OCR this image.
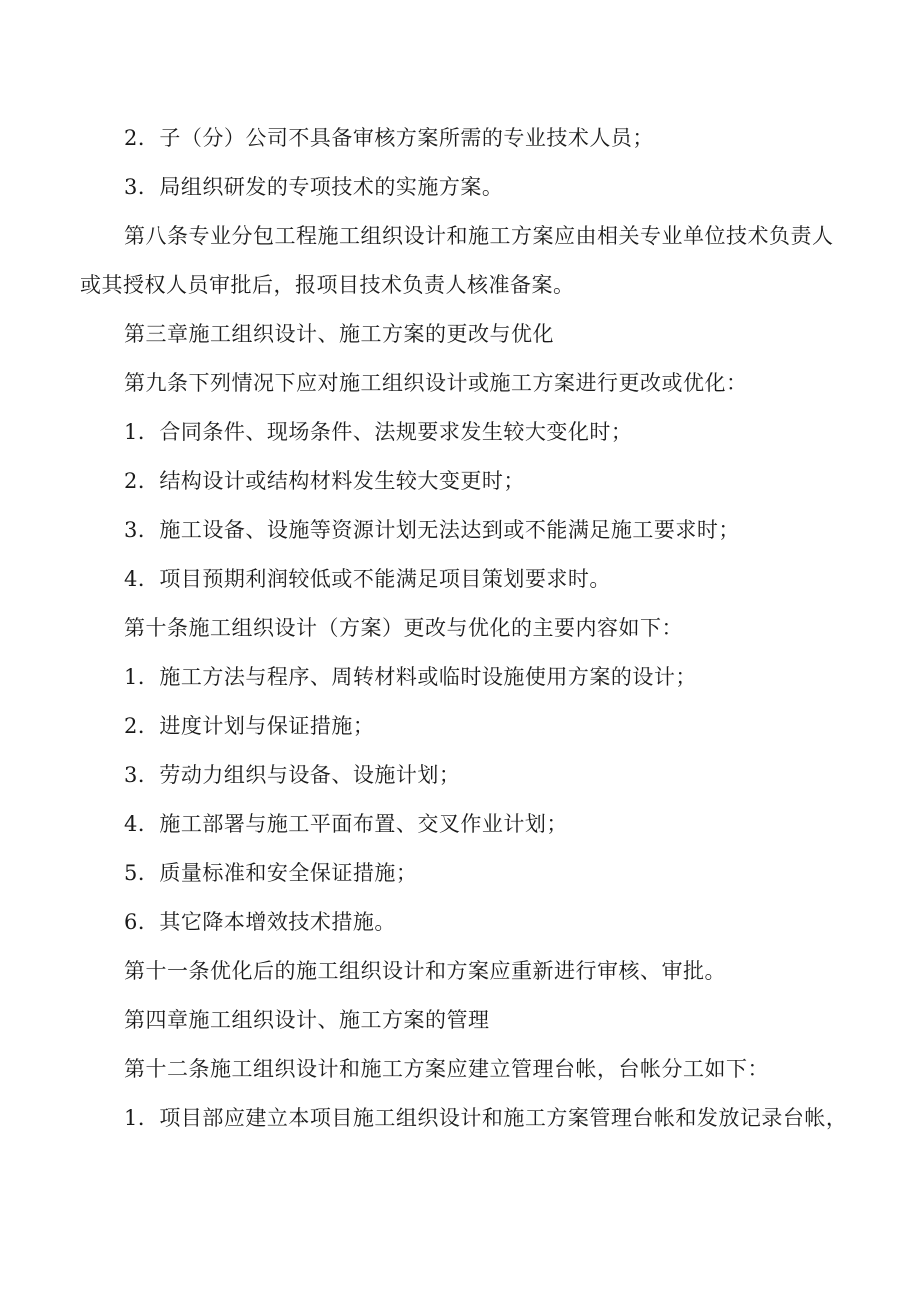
2．子（分）公司不具备审核方案所需的专业技术人员；
3．局组织研发的专项技术的实施方案。
第八条专业分包工程施工组织设计和施工方案应由相关专业单位技术负责人
或其授权人员审批后，报项目技术负责人核准备案。
第三章施工组织设计、施工方案的更改与优化
第九条下列情况下应对施工组织设计或施工方案进行更改或优化：
1．合同条件、现场条件、法规要求发生较大变化时；
2．结构设计或结构材料发生较大变更时；
3．施工设备、设施等资源计划无法达到或不能满足施工要求时；
4．项目预期利润较低或不能满足项目策划要求时。
第十条施工组织设计（方案）更改与优化的主要内容如下：
1．施工方法与程序、周转材料或临时设施使用方案的设计；
2．进度计划与保证措施；
3．劳动力组织与设备、设施计划；
4．施工部署与施工平面布置、交叉作业计划；
5．质量标准和安全保证措施；
6．其它降本增效技术措施。
第十一条优化后的施工组织设计和方案应重新进行审核、审批。
第四章施工组织设计、施工方案的管理
第十二条施工组织设计和施工方案应建立管理台帐，台帐分工如下：
1．项目部应建立本项目施工组织设计和施工方案管理台帐和发放记录台帐，
